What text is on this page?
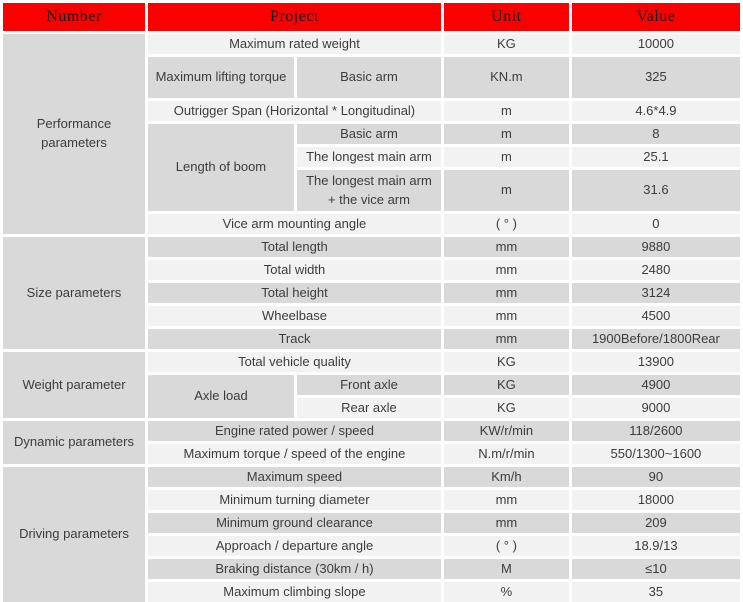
Number	Project		Unit	Value
Performance parameters	Maximum rated weight		KG	10000
	Maximum lifting torque	Basic arm	KN.m	325
	Outrigger Span (Horizontal * Longitudinal)		m	4.6*4.9
	Length of boom	Basic arm	m	8
		The longest main arm	m	25.1
		The longest main arm + the vice arm	m	31.6
	Vice arm mounting angle		( ° )	0
Size parameters	Total length		mm	9880
	Total width		mm	2480
	Total height		mm	3124
	Wheelbase		mm	4500
	Track		mm	1900Before/1800Rear
Weight parameter	Total vehicle quality		KG	13900
	Axle load	Front axle	KG	4900
		Rear axle	KG	9000
Dynamic parameters	Engine rated power / speed		KW/r/min	118/2600
	Maximum torque / speed of the engine		N.m/r/min	550/1300~1600
Driving parameters	Maximum speed		Km/h	90
	Minimum turning diameter		mm	18000
	Minimum ground clearance		mm	209
	Approach / departure angle		( ° )	18.9/13
	Braking distance (30km / h)		M	≤10
	Maximum climbing slope		%	35
